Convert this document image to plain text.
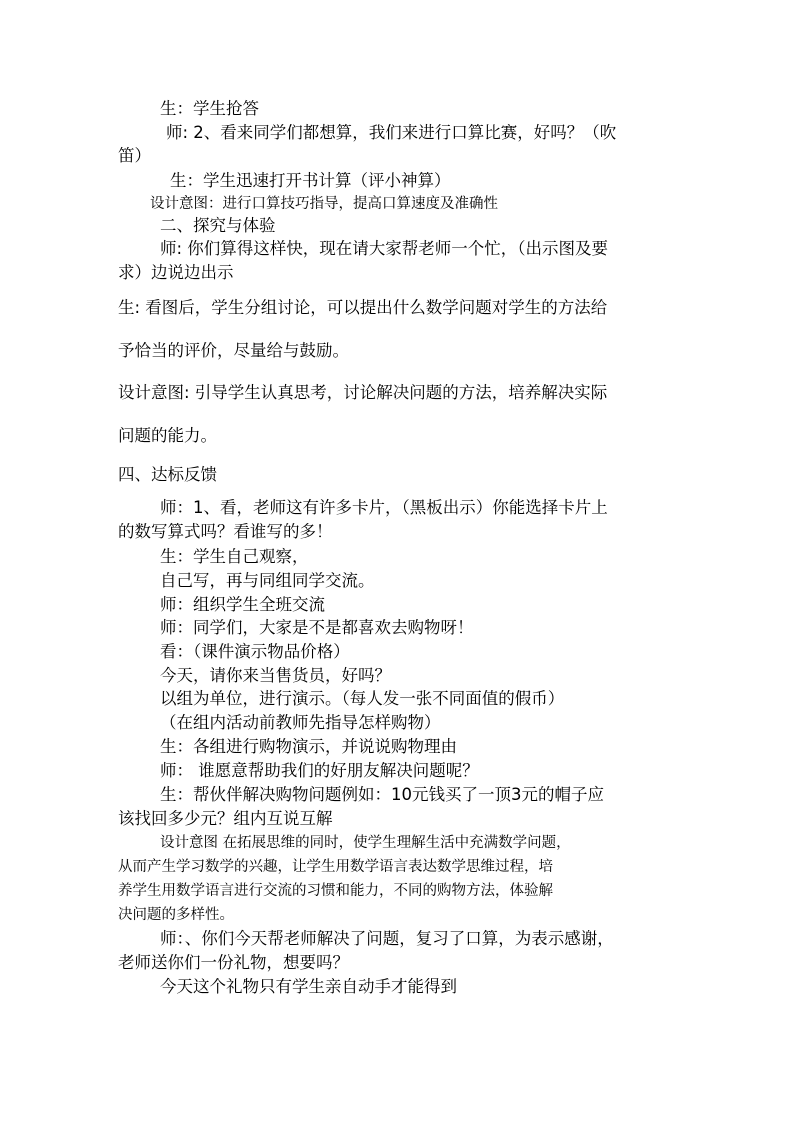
生：学生抢答
师: 2、看来同学们都想算，我们来进行口算比赛，好吗？（吹
笛）
生：学生迅速打开书计算（评小神算）
设计意图：进行口算技巧指导，提高口算速度及准确性
二、探究与体验
师: 你们算得这样快，现在请大家帮老师一个忙，（出示图及要
求）边说边出示
生: 看图后，学生分组讨论，可以提出什么数学问题对学生的方法给
予恰当的评价，尽量给与鼓励。
设计意图: 引导学生认真思考，讨论解决问题的方法，培养解决实际
问题的能力。
四、达标反馈
师：1、看，老师这有许多卡片，（黑板出示）你能选择卡片上
的数写算式吗？看谁写的多！
生：学生自己观察，
自己写，再与同组同学交流。
师：组织学生全班交流
师：同学们，大家是不是都喜欢去购物呀！
看：（课件演示物品价格）
今天，请你来当售货员，好吗？
以组为单位，进行演示。（每人发一张不同面值的假币）
（在组内活动前教师先指导怎样购物）
生：各组进行购物演示，并说说购物理由
师： 谁愿意帮助我们的好朋友解决问题呢？
生：帮伙伴解决购物问题例如：10元钱买了一顶3元的帽子应
该找回多少元？组内互说互解
设计意图 在拓展思维的同时，使学生理解生活中充满数学问题，
从而产生学习数学的兴趣，让学生用数学语言表达数学思维过程，培
养学生用数学语言进行交流的习惯和能力，不同的购物方法，体验解
决问题的多样性。
师：、你们今天帮老师解决了问题，复习了口算，为表示感谢，
老师送你们一份礼物，想要吗？
今天这个礼物只有学生亲自动手才能得到
